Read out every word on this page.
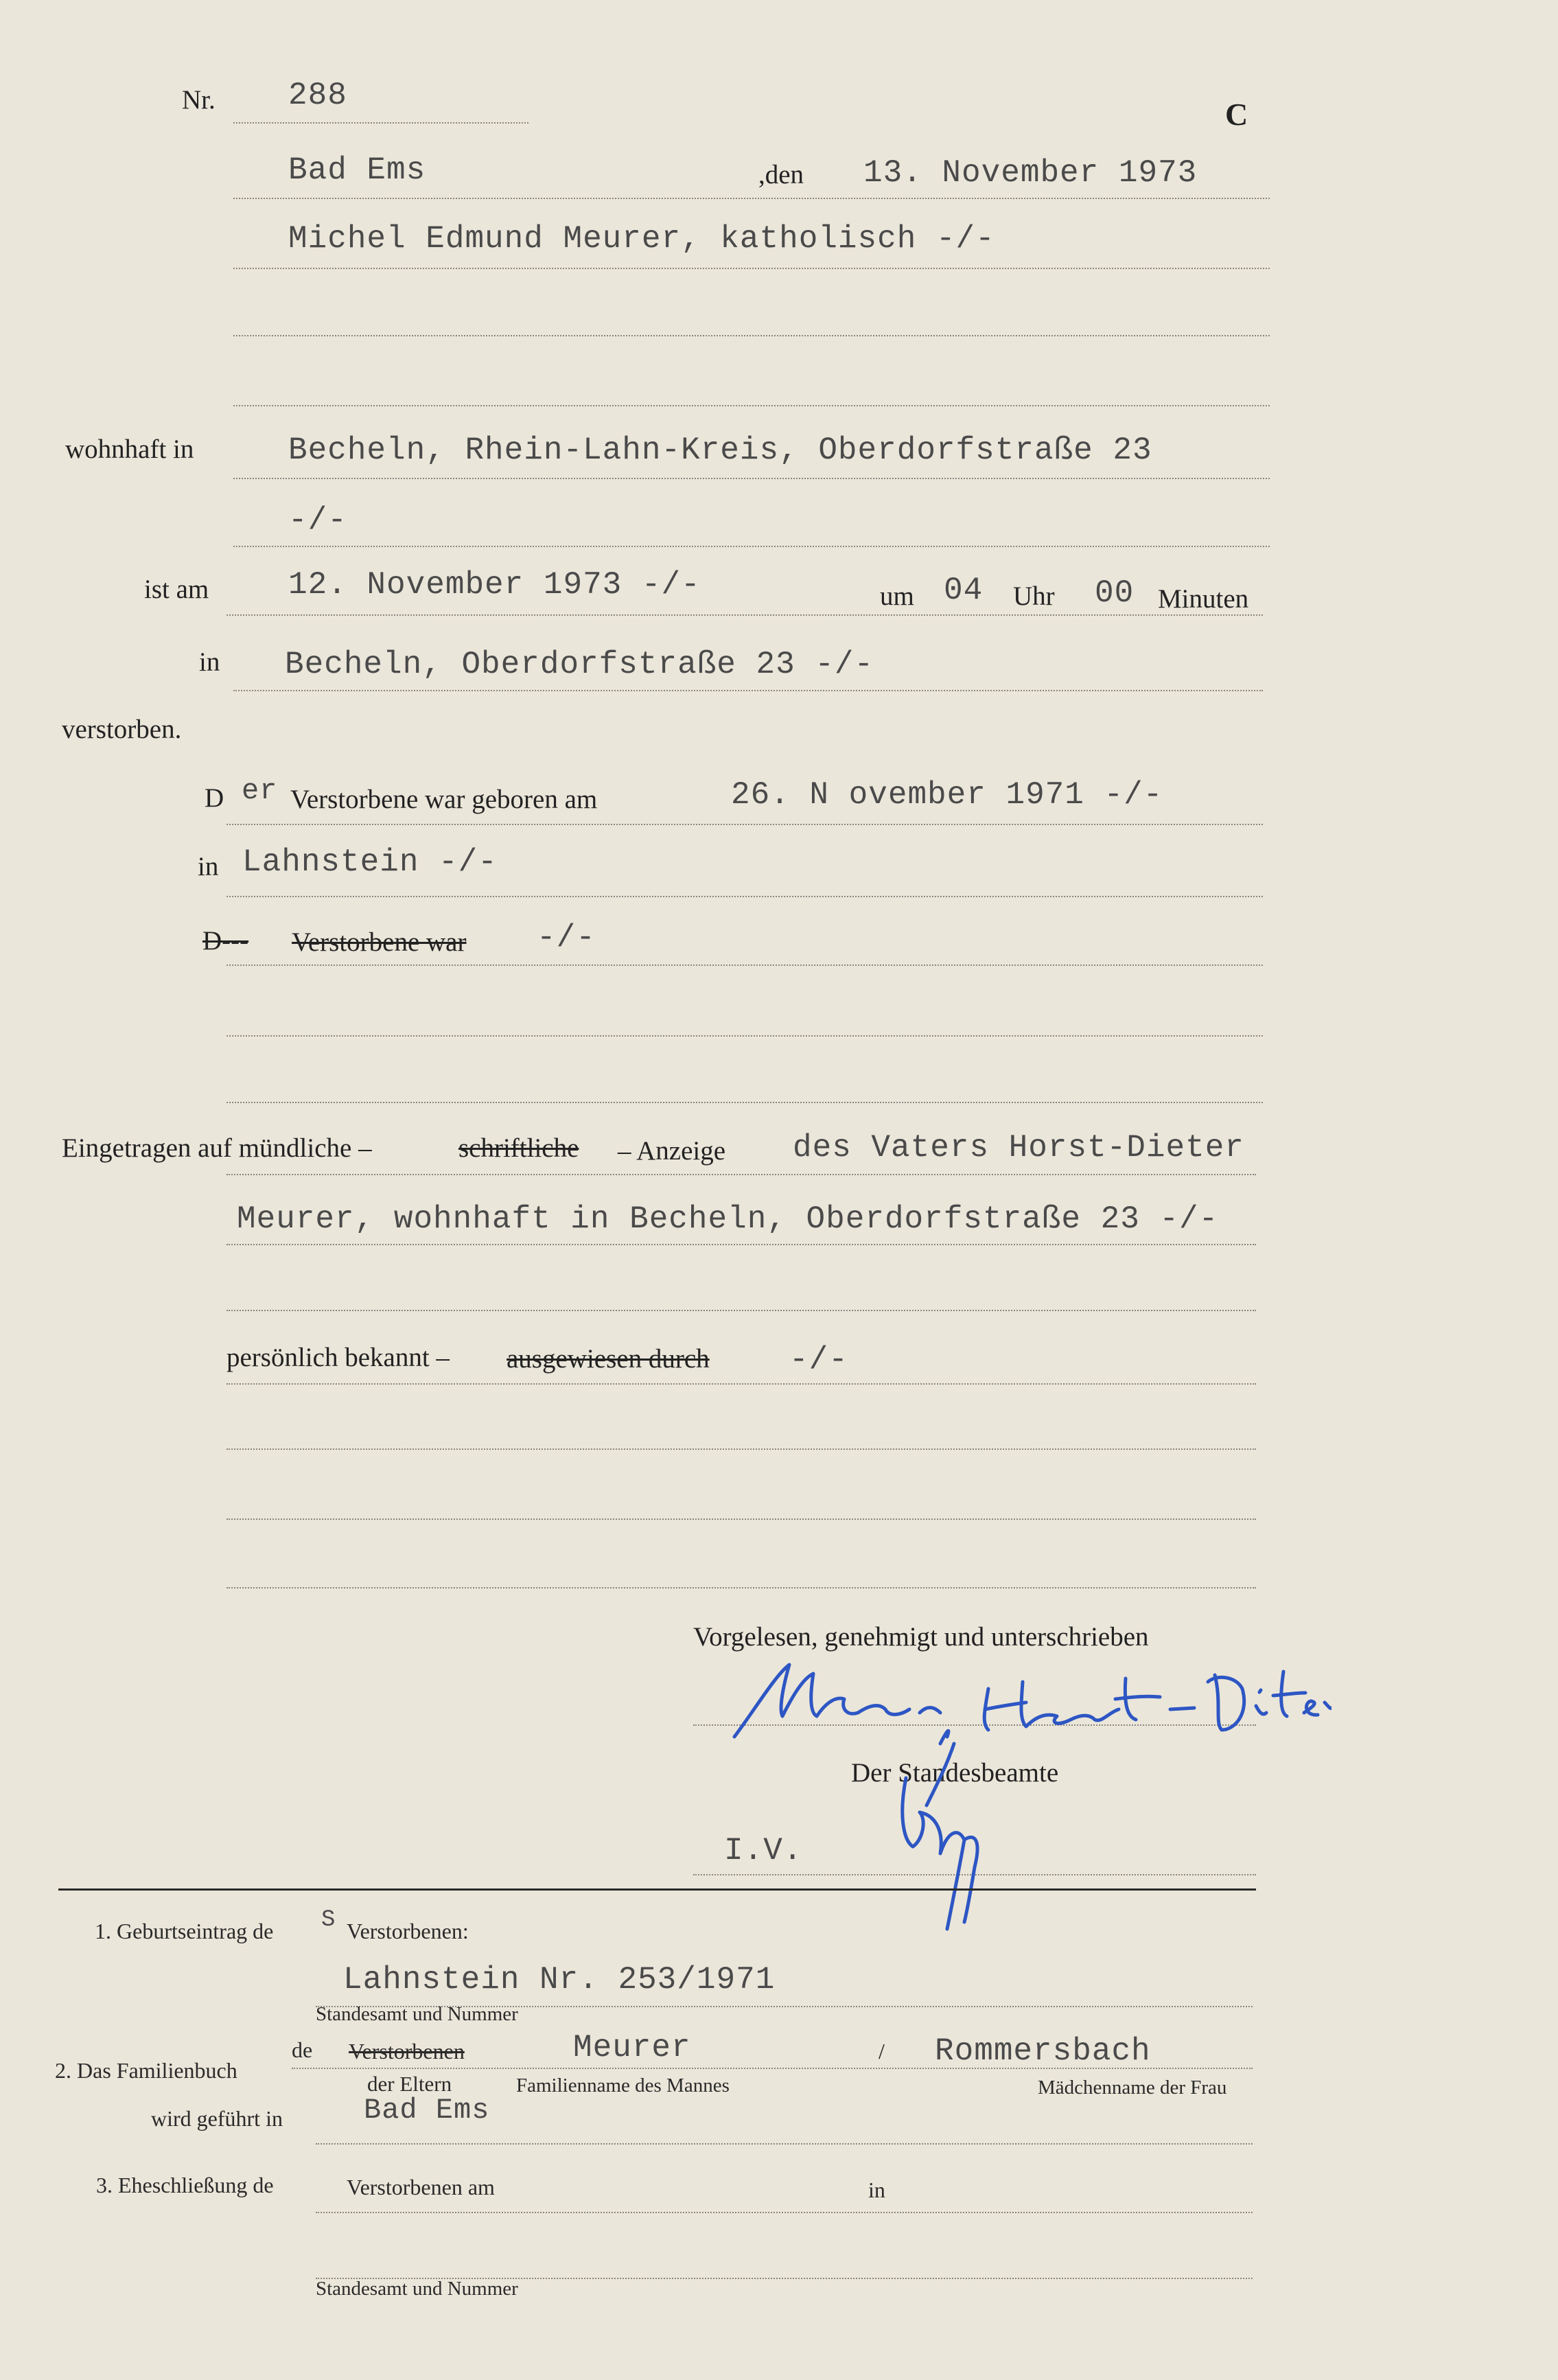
Nr. 288
C
Bad Ems	,den 13. November 1973
Michel Edmund Meurer, katholisch -/-
wohnhaft in	Becheln, Rhein-Lahn-Kreis, Oberdorfstraße 23
-/-
ist am	12. November 1973 -/-	um 04 Uhr 00 Minuten
in Becheln, Oberdorfstraße 23 -/-
verstorben.
D er Verstorbene war geboren am	26. N ovember 1971 -/-
in Lahnstein -/-
D--- Verstorbene war -/-
Eingetragen auf mündliche –	schriftliche – Anzeige des Vaters Horst-Dieter
Meurer, wohnhaft in Becheln, Oberdorfstraße 23 -/-
persönlich bekannt – ausgewiesen durch	-/-
Vorgelesen, genehmigt und unterschrieben
Der Standesbeamte
I.V.
1. Geburtseintrag de S Verstorbenen:
Lahnstein Nr. 253/1971
Standesamt und Nummer
2. Das Familienbuch
de Verstorbenen	Meurer	/ Rommersbach
der Eltern	Familienname des Mannes	Mädchenname der Frau
wird geführt in	Bad Ems
3. Eheschließung de	Verstorbenen am	in
Standesamt und Nummer
